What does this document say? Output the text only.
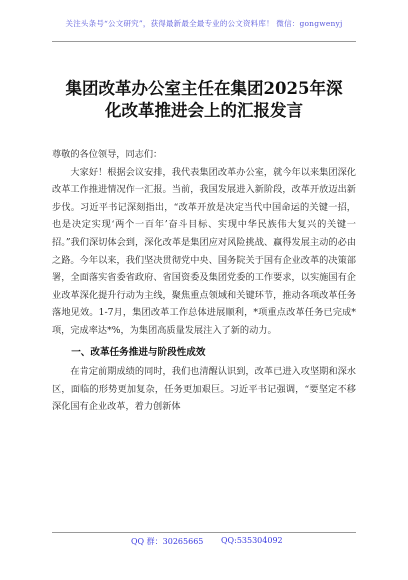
关注头条号“公文研究”，获得最新最全最专业的公文资料库！ 微信：gongwenyj
集团改革办公室主任在集团2025年深化改革推进会上的汇报发言

尊敬的各位领导，同志们：

大家好！根据会议安排，我代表集团改革办公室，就今年以来集团深化改革工作推进情况作一汇报。当前，我国发展进入新阶段，改革开放迈出新步伐。习近平书记深刻指出，“改革开放是决定当代中国命运的关键一招，也是决定实现‘两个一百年’奋斗目标、实现中华民族伟大复兴的关键一招。”我们深切体会到，深化改革是集团应对风险挑战、赢得发展主动的必由之路。今年以来，我们坚决贯彻党中央、国务院关于国有企业改革的决策部署，全面落实省委省政府、省国资委及集团党委的工作要求，以实施国有企业改革深化提升行动为主线，聚焦重点领域和关键环节，推动各项改革任务落地见效。1-7月，集团改革工作总体进展顺利，*项重点改革任务已完成*项，完成率达*%，为集团高质量发展注入了新的动力。

一、改革任务推进与阶段性成效

在肯定前期成绩的同时，我们也清醒认识到，改革已进入攻坚期和深水区，面临的形势更加复杂，任务更加艰巨。习近平书记强调，“要坚定不移深化国有企业改革，着力创新体

QQ 群：30265665 QQ:535304092
